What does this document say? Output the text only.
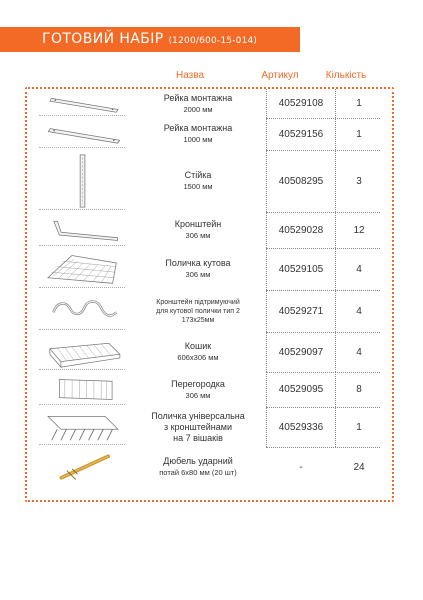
ГОТОВИЙ НАБІР (1200/600-15-014)
Назва	Артикул	Кількість
Рейка монтажна
2000 мм	40529108	1
Рейка монтажна
1000 мм	40529156	1
Стійка
1500 мм	40508295	3
Кронштейн
306 мм	40529028	12
Поличка кутова
306 мм	40529105	4
Кронштейн підтримуючий
для кутової полички тип 2
173х25мм
40529271	4
Кошик
606х306 мм	40529097	4
Перегородка
306 мм	40529095	8
Поличка універсальна
з кронштейнами
на 7 вішаків
40529336	1
Дюбель ударний
потай 6х80 мм (20 шт)	-	24
